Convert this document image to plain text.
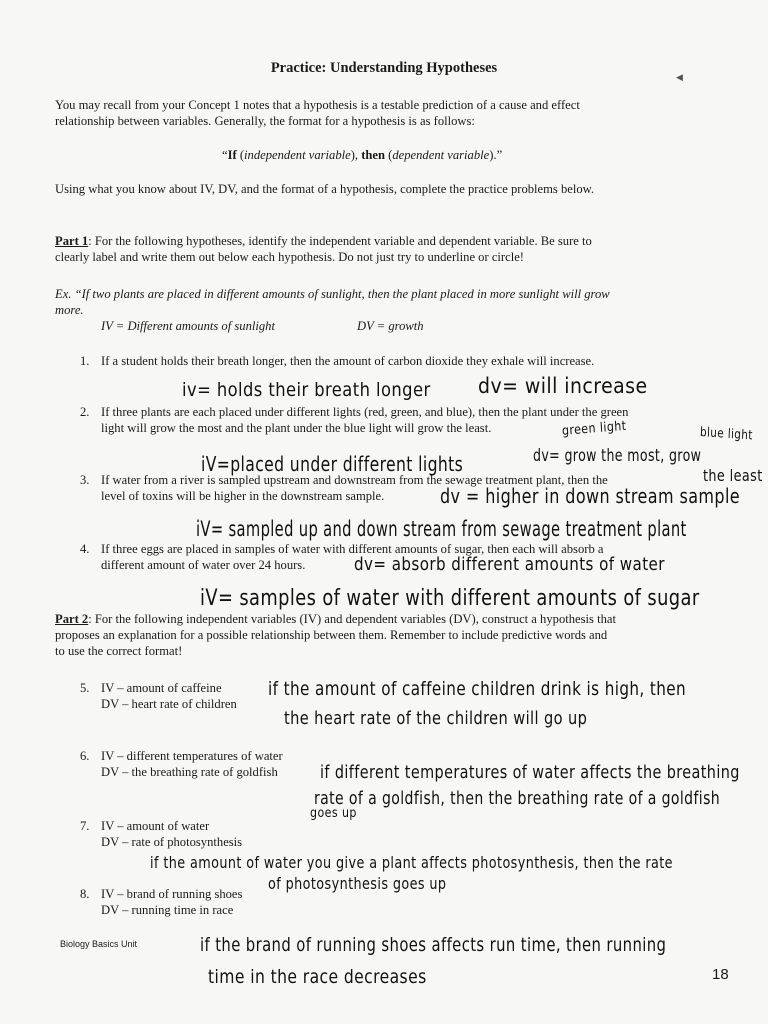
Practice: Understanding Hypotheses
◀
You may recall from your Concept 1 notes that a hypothesis is a testable prediction of a cause and effect
relationship between variables. Generally, the format for a hypothesis is as follows:
“If (independent variable), then (dependent variable).”
Using what you know about IV, DV, and the format of a hypothesis, complete the practice problems below.
Part 1: For the following hypotheses, identify the independent variable and dependent variable. Be sure to
clearly label and write them out below each hypothesis. Do not just try to underline or circle!
Ex. “If two plants are placed in different amounts of sunlight, then the plant placed in more sunlight will grow
more.
IV = Different amounts of sunlight	DV = growth
1. If a student holds their breath longer, then the amount of carbon dioxide they exhale will increase.
2. If three plants are each placed under different lights (red, green, and blue), then the plant under the green
light will grow the most and the plant under the blue light will grow the least.
3. If water from a river is sampled upstream and downstream from the sewage treatment plant, then the
level of toxins will be higher in the downstream sample.
4. If three eggs are placed in samples of water with different amounts of sugar, then each will absorb a
different amount of water over 24 hours.
Part 2: For the following independent variables (IV) and dependent variables (DV), construct a hypothesis that
proposes an explanation for a possible relationship between them. Remember to include predictive words and
to use the correct format!
5. IV – amount of caffeine
DV – heart rate of children
6. IV – different temperatures of water
DV – the breathing rate of goldfish
7. IV – amount of water
DV – rate of photosynthesis
8. IV – brand of running shoes
DV – running time in race
Biology Basics Unit
18
iv= holds their breath longer dv= will increase
green light	blue light
iV=placed under different lights	dv= grow the most, grow
the least
dv = higher in down stream sample
iV= sampled up and down stream from sewage treatment plant
dv= absorb different amounts of water
iV= samples of water with different amounts of sugar
if the amount of caffeine children drink is high, then
the heart rate of the children will go up
if different temperatures of water affects the breathing
rate of a goldfish, then the breathing rate of a goldfish
goes up
if the amount of water you give a plant affects photosynthesis, then the rate
of photosynthesis goes up
if the brand of running shoes affects run time, then running
time in the race decreases
